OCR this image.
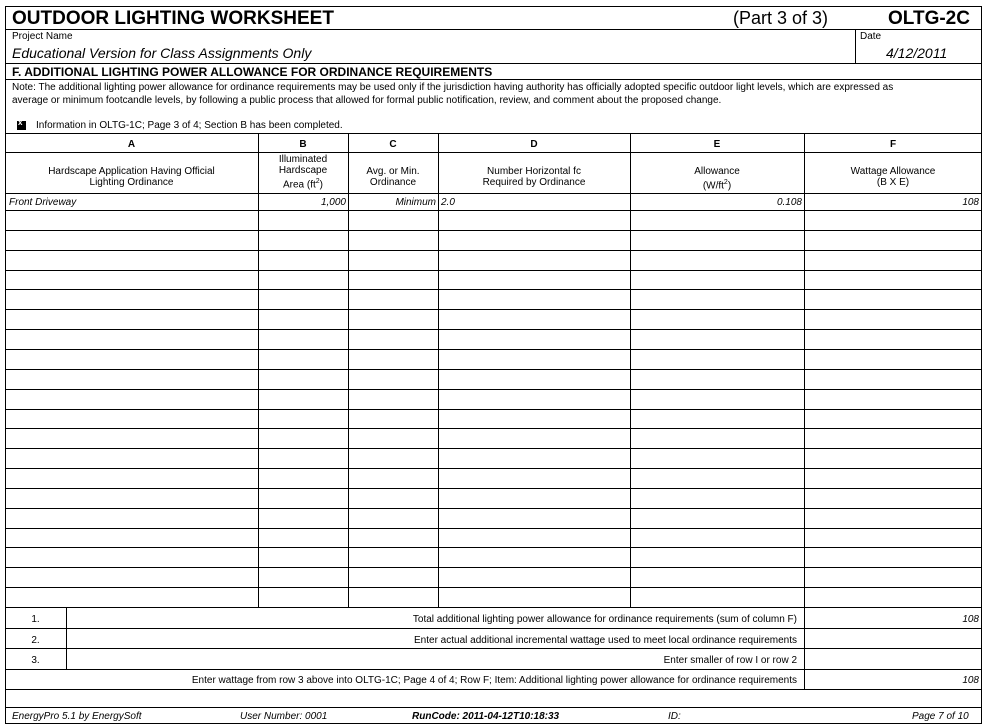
OUTDOOR LIGHTING WORKSHEET	(Part 3 of 3)	OLTG-2C
Project Name
Educational Version for Class Assignments Only
Date
4/12/2011
F. ADDITIONAL LIGHTING POWER ALLOWANCE FOR ORDINANCE REQUIREMENTS
Note: The additional lighting power allowance for ordinance requirements may be used only if the jurisdiction having authority has officially adopted specific outdoor light levels, which are expressed as
average or minimum footcandle levels, by following a public process that allowed for formal public notification, review, and comment about the proposed change.
x Information in OLTG-1C; Page 3 of 4; Section B has been completed.
A	B	C	D	E	F
Hardscape Application Having Official Lighting Ordinance
Illuminated
Hardscape
Area $(ft^2)$
Avg. or Min. Ordinance
Number Horizontal fc Required by Ordinance
Allowance
$(W/ft^2)$
Wattage Allowance
(B X E)
Front Driveway	1,000	Minimum 2.0	0.108	108
1.	Total additional lighting power allowance for ordinance requirements (sum of column F)	108
2.	Enter actual additional incremental wattage used to meet local ordinance requirements
3.	Enter smaller of row I or row 2
Enter wattage from row 3 above into OLTG-1C; Page 4 of 4; Row F; Item: Additional lighting power allowance for ordinance requirements	108
EnergyPro 5.1 by EnergySoft	User Number: 0001	RunCode: 2011-04-12T10:18:33	ID:	Page 7 of 10
